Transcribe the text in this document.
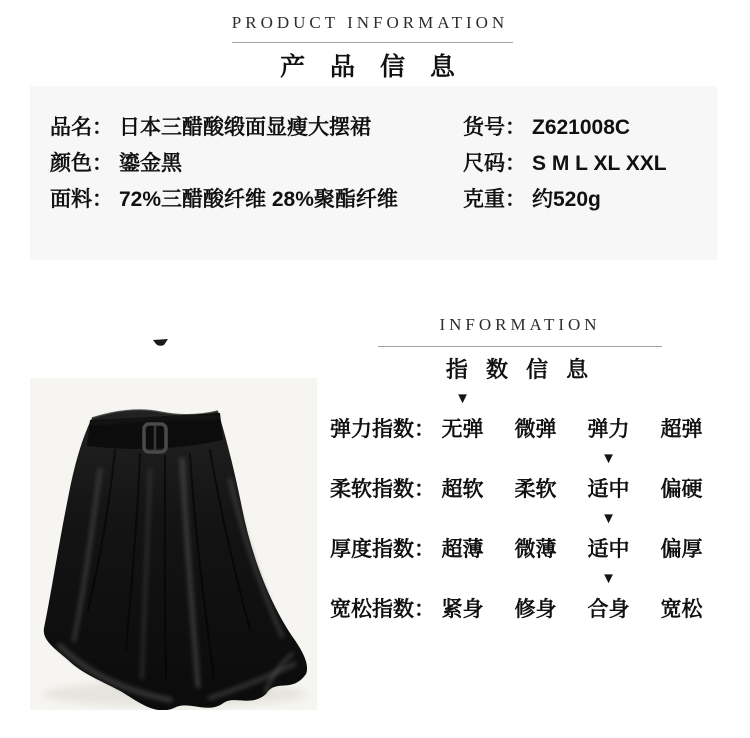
PRODUCT INFORMATION
产 品 信 息
品名： 日本三醋酸缎面显瘦大摆裙
颜色： 鎏金黑
面料： 72%三醋酸纤维 28%聚酯纤维
货号： Z621008C
尺码： S M L XL XXL
克重： 约520g
INFORMATION
指 数 信 息
▼
弹力指数： 无弹	微弹	弹力	超弹
▼
柔软指数： 超软	柔软	适中	偏硬
▼
厚度指数： 超薄	微薄	适中	偏厚
▼
宽松指数： 紧身	修身	合身	宽松
